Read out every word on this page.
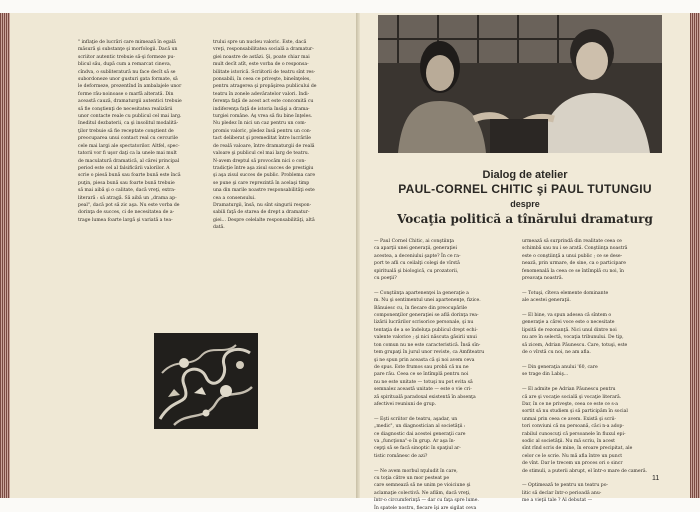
" inflaţie de lucrări care mimează în egală
măsură şi substanţe şi morfologii. Dacă un
scriitor autentic trebuie să-şi formeze pu-
blicul său, după cum a remarcat cineva,
cîndva, o subliteratură nu face decît să se
subordoneze unor gusturi gata formate, să
le deformeze, prezentînd în ambalajele unor
forme rău·noinoase o marfă alterată. Din
această cauză, dramaturgii autentici trebuie
să fie conştienţi de necesitatea realizării
unor contacte reale cu publicul cel mai larg.
Ineditul dezbaterii, ca şi insolitul modalită-
ţilor trebuie să fie receptate conştient de
preocuparea unui contact real cu cercurile
cele mai largi ale spectatorilor. Altfel, spec-
tatorii vor fi uşor daţi ca la unele mai mult
de maculatură dramatică, al cărei principal
period este cel al falsificării valorilor. A
scrie o piesă bună sau foarte bună este încă
puţin, piesa bună sau foarte bună trebuie
să mai aibă şi o calitate, dacă vreţi, extra-
literară : să atragă. Să aibă un „drama ap-
peal", dacă pot să zic aşa. Nu este vorba de
dorinţa de succes, ci de necesitatea de a-
trage lumea foarte largă şi variată a tea-

trului spre un nucleu valoric. Este, dacă
vreţi, responsabilitatea socială a dramatur-
giei noastre de astăzi. Şi, poate chiar mai
mult decît atît, este vorba de o responsa-
bilitate istorică. Scriitorii de teatru sînt res-
ponsabili, în ceea ce priveşte, bineînţeles,
pentru atragerea şi propăşirea publicului de
teatru în zonele adevăratelor valori. Indi-
ferenţa faţă de acest act este concomită cu
indiferenţa faţă de istoria însăşi a drama-
turgiei române. Aş vrea să fiu bine înţeles.
Nu pledez în nici un caz pentru un com-
promis valoric, pledez însă pentru un con-
tact deliberat şi premeditat între lucrările
de reală valoare, între dramaturgii de reală
valoare şi publicul cel mai larg de teatru.
N-avem dreptul să provocăm nici o con-
tradicţie între aşa zisul succes de prestigiu
şi aşa zisul succes de public. Problema care
se pune şi care reprezintă în acelaşi timp
una din marile noastre responsabilităţi este
cea a consensului.
Dramaturgii, însă, nu sînt singurii respon-
sabili faţă de starea de drept a dramatur-
giei... Despre celelalte responsabilităţi, altă
dată.

Dialog de atelier
PAUL-CORNEL CHITIC şi PAUL TUTUNGIU
despre
Vocaţia politică a tînărului dramaturg

— Paul Cornel Chitic, ai conştiinţa
ca aparţii unei generaţii, generaţiei
acestea, a deceniului şapte? În ce ra-
port te afli cu ceilalţi colegi de vîrstă
spirituală şi biologică, cu prozatorii,
cu poeţii?

— Conştiinţa apartenenţei la generaţie a
m. Nu şi sentimentul unei apartenenţe, fizice.
Bănuiesc cu, în fiecare din preocupările
componenţilor generaţiei se află dorinţa rea-
lizării lucrărilor scrisorice personale, şi nu
tentaţia de a se îndeluţa publicul drept echi-
valente valorice ; şi nici născuta găsirii unui
ton comun nu ne este caracteristică. Însă sîn-
tem grupaţi în jurul unor reviste, ca Amfiteatru
şi ne spun prin aceasta că şi noi avem ceva
de spus. Este frumos sau probă că nu ne
pare rău. Ceea ce se întîmplă pentru noi
nu ne este unitate — totuşi nu pot evita să
semnalez această unitate — este o vie cri-
ză spirituală paradoxal existentă în absenţa
afectivei reuniuni de grup.

— Eşti scriitor de teatru, aşadar, un
„medic", un diagnostician al societăţii :
ce diagnostic dai acestei generaţii care
va „funcţiona"-o în grup. Ar aşa în-
cepţi să se facă sinoptic în spaţiul ar-
tistic românesc de azi?

— Ne avem morbul nţuludit în care,
cu toţia către un mor pesteat pe
care semnează să ne unim pe vioiciune şi
aclamaţie colectivă. Ne aflăm, dacă vreţi,
într-o circumferinţă — dar cu faţa spre lume.
În spatele nostru, fiecare îşi are sigilat ceva

urmează să surprindă din realitate ceea ce
schimbă sau nu i se arată. Conştiinţa noastră
este o conştiinţă a unui public ; ce se dese-
nează, prin urmare, de sine, ca o participare
fenomenală la ceea ce se întîmplă cu noi, în
preavaţa noastră.

— Totuşi, cîteva elemente dominante
ale acestei generaţii.

— El bine, va spun adesea că sîntem o
generaţie a cărei voce este o necesitate
lipsită de rezonanţă. Nici unul dintre noi
nu are în selectă, vocaţia tribunului. De tip,
să zicem, Adrian Păunescu. Care, totuşi, este
de o vîrstă cu noi, ne am afla.

— Din generaţia anului '60, care
se trage din Labiş...

— El admite pe Adrian Păunescu pentru
că are şi vocaţie socială şi vocaţie literară.
Dar, în ce ne priveşte, ceea ce este ce s-a
sortit să nu studiem şi să participăm în social
unmai prin ceea ce avem. Există şi scrii-
tori conviuni că nu persoană, căci n-a adop-
rabilul cunoscuţi că persoanele în fluxul epi-
sodic al societăţii. Nu mă scriu, în acest
sînt rînd scris de mine, în eroare precipitat, ale
celor ce le scrie. Nu mă afla între un punct
de vînt. Dar le trecem un proces ori o sincr
de stimuli, a puterii abrupt, el într-o mare de cameră.

— Optimează te pentru un teatru po-
litic să declar într-o perioadă anu-
me a vieţii tale ? Al debutat —

11
